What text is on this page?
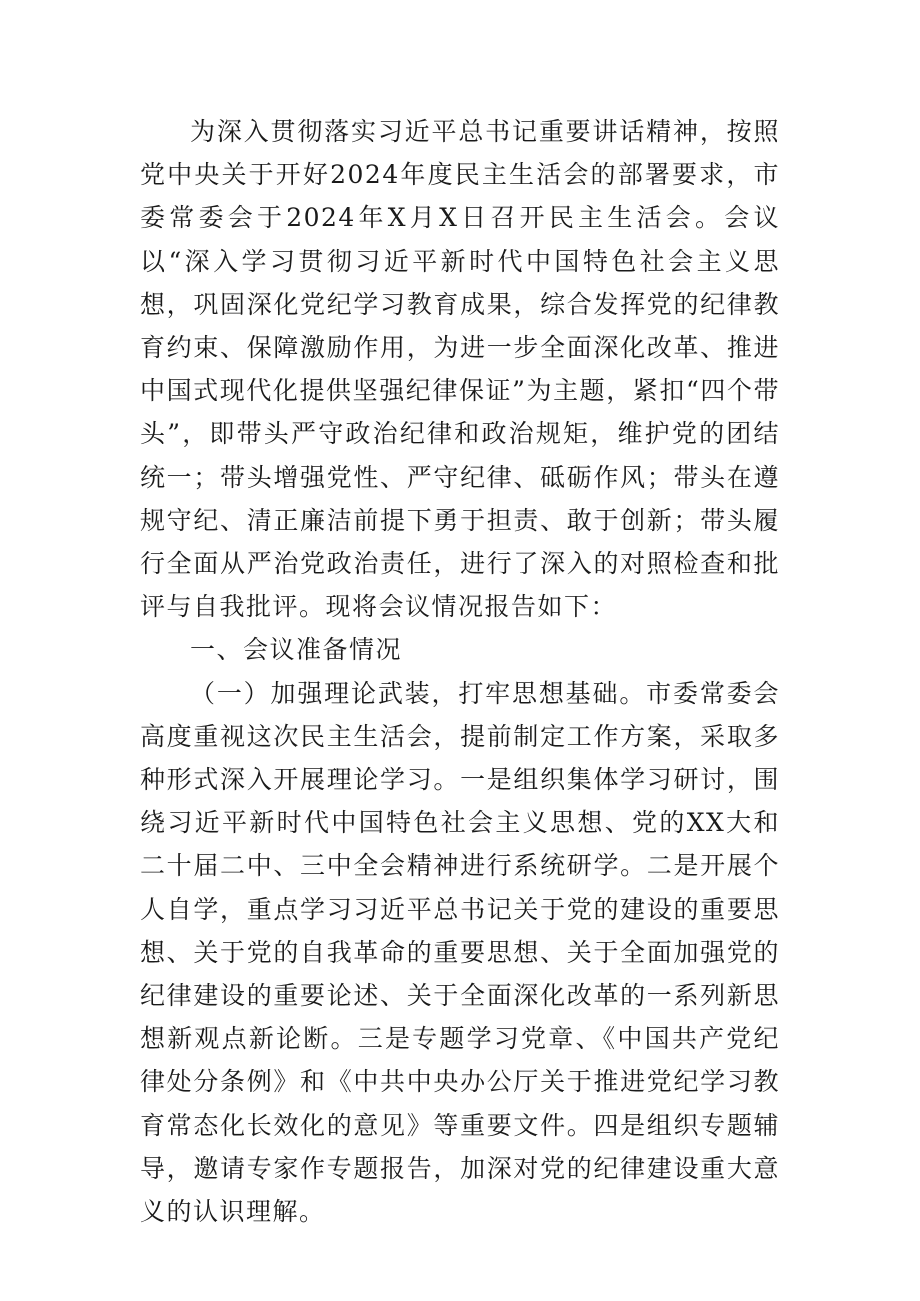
为深入贯彻落实习近平总书记重要讲话精神，按照党中央关于开好2024年度民主生活会的部署要求，市委常委会于2024年X月X日召开民主生活会。会议以“深入学习贯彻习近平新时代中国特色社会主义思想，巩固深化党纪学习教育成果，综合发挥党的纪律教育约束、保障激励作用，为进一步全面深化改革、推进中国式现代化提供坚强纪律保证”为主题，紧扣“四个带头”，即带头严守政治纪律和政治规矩，维护党的团结统一；带头增强党性、严守纪律、砥砺作风；带头在遵规守纪、清正廉洁前提下勇于担责、敢于创新；带头履行全面从严治党政治责任，进行了深入的对照检查和批评与自我批评。现将会议情况报告如下：

一、会议准备情况

（一）加强理论武装，打牢思想基础。市委常委会高度重视这次民主生活会，提前制定工作方案，采取多种形式深入开展理论学习。一是组织集体学习研讨，围绕习近平新时代中国特色社会主义思想、党的XX大和二十届二中、三中全会精神进行系统研学。二是开展个人自学，重点学习习近平总书记关于党的建设的重要思想、关于党的自我革命的重要思想、关于全面加强党的纪律建设的重要论述、关于全面深化改革的一系列新思想新观点新论断。三是专题学习党章、《中国共产党纪律处分条例》和《中共中央办公厅关于推进党纪学习教育常态化长效化的意见》等重要文件。四是组织专题辅导，邀请专家作专题报告，加深对党的纪律建设重大意义的认识理解。
